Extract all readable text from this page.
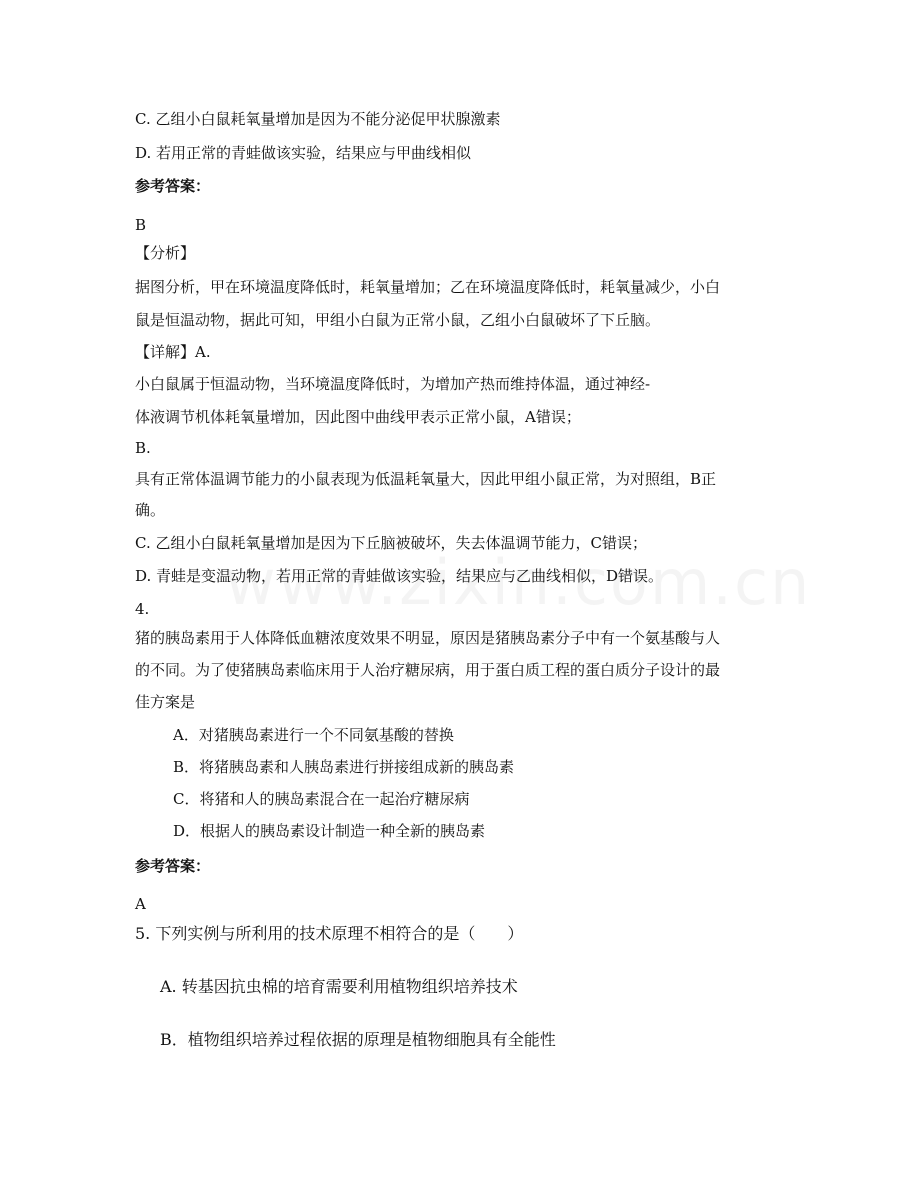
C. 乙组小白鼠耗氧量增加是因为不能分泌促甲状腺激素
D. 若用正常的青蛙做该实验，结果应与甲曲线相似
参考答案：
B
【分析】
据图分析，甲在环境温度降低时，耗氧量增加；乙在环境温度降低时，耗氧量减少，小白
鼠是恒温动物，据此可知，甲组小白鼠为正常小鼠，乙组小白鼠破坏了下丘脑。
【详解】A.
小白鼠属于恒温动物，当环境温度降低时，为增加产热而维持体温，通过神经-
体液调节机体耗氧量增加，因此图中曲线甲表示正常小鼠，A错误；
B.
具有正常体温调节能力的小鼠表现为低温耗氧量大，因此甲组小鼠正常，为对照组，B正
确。
C. 乙组小白鼠耗氧量增加是因为下丘脑被破坏，失去体温调节能力，C错误；
D. 青蛙是变温动物，若用正常的青蛙做该实验，结果应与乙曲线相似，D错误。
4.
猪的胰岛素用于人体降低血糖浓度效果不明显，原因是猪胰岛素分子中有一个氨基酸与人
的不同。为了使猪胰岛素临床用于人治疗糖尿病，用于蛋白质工程的蛋白质分子设计的最
佳方案是
A．对猪胰岛素进行一个不同氨基酸的替换
B．将猪胰岛素和人胰岛素进行拼接组成新的胰岛素
C．将猪和人的胰岛素混合在一起治疗糖尿病
D．根据人的胰岛素设计制造一种全新的胰岛素
参考答案：
A
5. 下列实例与所利用的技术原理不相符合的是（　　）
A. 转基因抗虫棉的培育需要利用植物组织培养技术
B．植物组织培养过程依据的原理是植物细胞具有全能性
